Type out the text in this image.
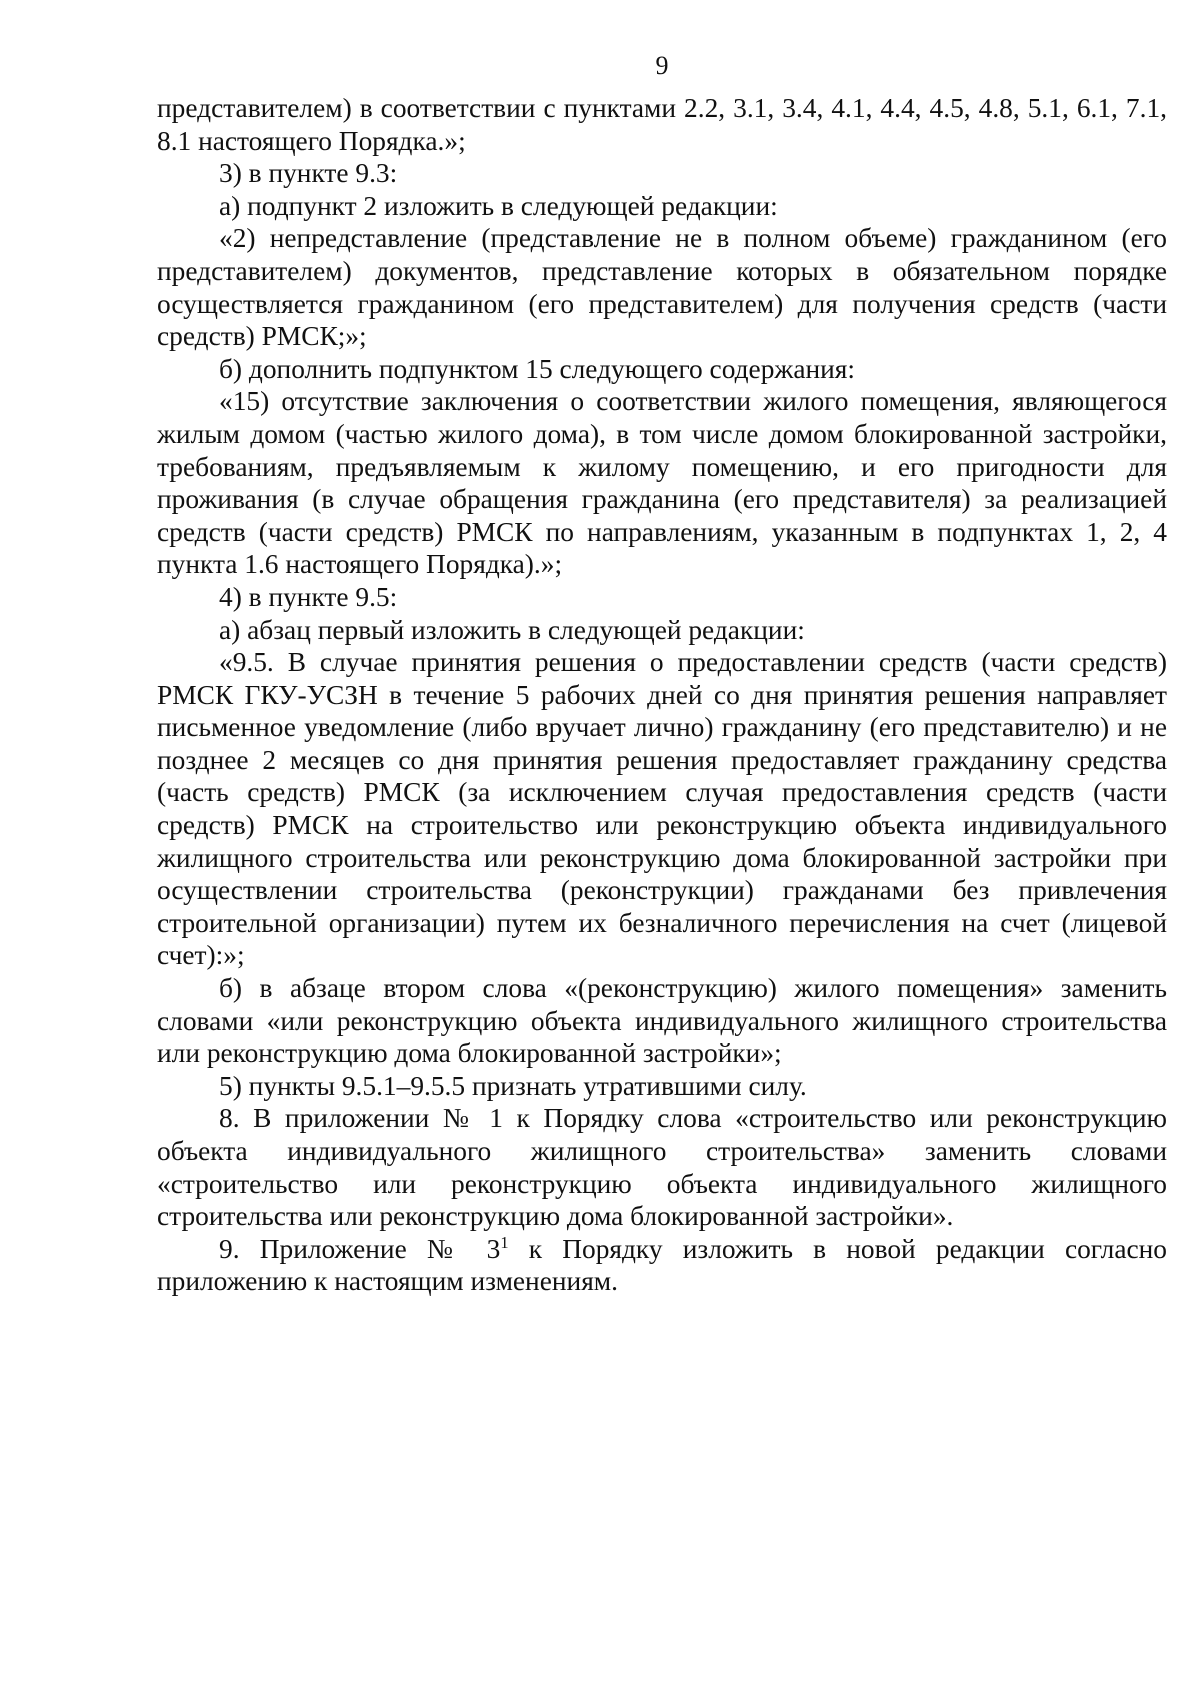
9

представителем) в соответствии с пунктами 2.2, 3.1, 3.4, 4.1, 4.4, 4.5, 4.8, 5.1, 6.1, 7.1, 8.1 настоящего Порядка.»;

3) в пункте 9.3:

а) подпункт 2 изложить в следующей редакции:

«2) непредставление (представление не в полном объеме) гражданином (его представителем) документов, представление которых в обязательном порядке осуществляется гражданином (его представителем) для получения средств (части средств) РМСК;»;

б) дополнить подпунктом 15 следующего содержания:

«15) отсутствие заключения о соответствии жилого помещения, являющегося жилым домом (частью жилого дома), в том числе домом блокированной застройки, требованиям, предъявляемым к жилому помещению, и его пригодности для проживания (в случае обращения гражданина (его представителя) за реализацией средств (части средств) РМСК по направлениям, указанным в подпунктах 1, 2, 4 пункта 1.6 настоящего Порядка).»;

4) в пункте 9.5:

а) абзац первый изложить в следующей редакции:

«9.5. В случае принятия решения о предоставлении средств (части средств) РМСК ГКУ-УСЗН в течение 5 рабочих дней со дня принятия решения направляет письменное уведомление (либо вручает лично) гражданину (его представителю) и не позднее 2 месяцев со дня принятия решения предоставляет гражданину средства (часть средств) РМСК (за исключением случая предоставления средств (части средств) РМСК на строительство или реконструкцию объекта индивидуального жилищного строительства или реконструкцию дома блокированной застройки при осуществлении строительства (реконструкции) гражданами без привлечения строительной организации) путем их безналичного перечисления на счет (лицевой счет):»;

б) в абзаце втором слова «(реконструкцию) жилого помещения» заменить словами «или реконструкцию объекта индивидуального жилищного строительства или реконструкцию дома блокированной застройки»;

5) пункты 9.5.1–9.5.5 признать утратившими силу.

8. В приложении № 1 к Порядку слова «строительство или реконструкцию объекта индивидуального жилищного строительства» заменить словами «строительство или реконструкцию объекта индивидуального жилищного строительства или реконструкцию дома блокированной застройки».

9. Приложение № $3^1$ к Порядку изложить в новой редакции согласно приложению к настоящим изменениям.
